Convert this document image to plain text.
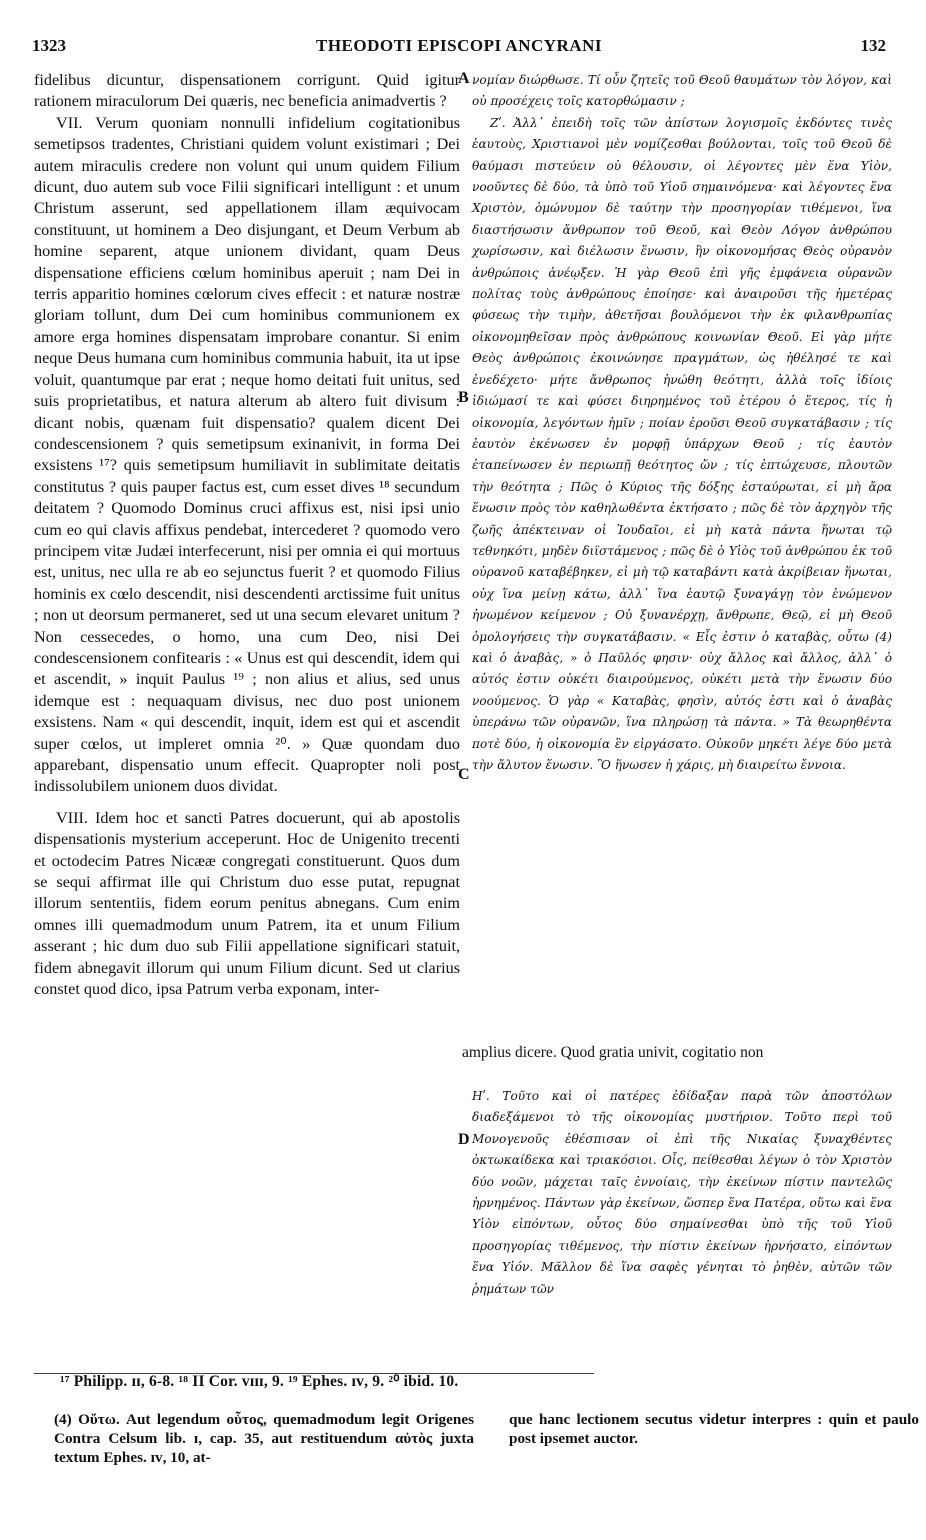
1323	THEODOTI EPISCOPI ANCYRANI	132

fidelibus dicuntur, dispensationem corrigunt. Quid igitur rationem miraculorum Dei quæris, nec beneficia animadvertis ?

VII. Verum quoniam nonnulli infidelium cogitationibus semetipsos tradentes, Christiani quidem volunt existimari ; Dei autem miraculis credere non volunt qui unum quidem Filium dicunt, duo autem sub voce Filii significari intelligunt : et unum Christum asserunt, sed appellationem illam æquivocam constituunt, ut hominem a Deo disjungant, et Deum Verbum ab homine separent, atque unionem dividant, quam Deus dispensatione efficiens cœlum hominibus aperuit ; nam Dei in terris apparitio homines cœlorum cives effecit : et naturæ nostræ gloriam tollunt, dum Dei cum hominibus communionem ex amore erga homines dispensatam improbare conantur. Si enim neque Deus humana cum hominibus communia habuit, ita ut ipse voluit, quantumque par erat ; neque homo deitati fuit unitus, sed suis proprietatibus, et natura alterum ab altero fuit divisum : dicant nobis, quænam fuit dispensatio? qualem dicent Dei condescensionem ? quis semetipsum exinanivit, in forma Dei exsistens ¹⁷? quis semetipsum humiliavit in sublimitate deitatis constitutus ? quis pauper factus est, cum esset dives ¹⁸ secundum deitatem ? Quomodo Dominus cruci affixus est, nisi ipsi unio cum eo qui clavis affixus pendebat, intercederet ? quomodo vero principem vitæ Judæi interfecerunt, nisi per omnia ei qui mortuus est, unitus, nec ulla re ab eo sejunctus fuerit ? et quomodo Filius hominis ex cœlo descendit, nisi descendenti arctissime fuit unitus ; non ut deorsum permaneret, sed ut una secum elevaret unitum ? Non cessecedes, o homo, una cum Deo, nisi Dei condescensionem confitearis : « Unus est qui descendit, idem qui et ascendit, » inquit Paulus ¹⁹ ; non alius et alius, sed unus idemque est : nequaquam divisus, nec duo post unionem exsistens. Nam « qui descendit, inquit, idem est qui et ascendit super cœlos, ut impleret omnia ²⁰. » Quæ quondam duo apparebant, dispensatio unum effecit. Quapropter noli post indissolubilem unionem duos dividat.

VIII. Idem hoc et sancti Patres docuerunt, qui ab apostolis dispensationis mysterium acceperunt. Hoc de Unigenito trecenti et octodecim Patres Nicææ congregati constituerunt. Quos dum se sequi affirmat ille qui Christum duo esse putat, repugnat illorum sententiis, fidem eorum penitus abnegans. Cum enim omnes illi quemadmodum unum Patrem, ita et unum Filium asserant ; hic dum duo sub Filii appellatione significari statuit, fidem abnegavit illorum qui unum Filium dicunt. Sed ut clarius constet quod dico, ipsa Patrum verba exponam, inter-

A
B
C
D

νομίαν διώρθωσε. Τί οὖν ζητεῖς τοῦ Θεοῦ θαυμάτων τὸν λόγον, καὶ οὐ προσέχεις τοῖς κατορθώμασιν ;

Ζʹ. Ἀλλ᾽ ἐπειδὴ τοῖς τῶν ἀπίστων λογισμοῖς ἐκδόντες τινὲς ἑαυτοὺς, Χριστιανοὶ μὲν νομίζεσθαι βούλονται, τοῖς τοῦ Θεοῦ δὲ θαύμασι πιστεύειν οὐ θέλουσιν, οἱ λέγοντες μὲν ἕνα Υἱὸν, νοοῦντες δὲ δύο, τὰ ὑπὸ τοῦ Υἱοῦ σημαινόμενα· καὶ λέγοντες ἕνα Χριστὸν, ὁμώνυμον δὲ ταύτην τὴν προσηγορίαν τιθέμενοι, ἵνα διαστήσωσιν ἄνθρωπον τοῦ Θεοῦ, καὶ Θεὸν Λόγον ἀνθρώπου χωρίσωσιν, καὶ διέλωσιν ἕνωσιν, ἣν οἰκονομήσας Θεὸς οὐρανὸν ἀνθρώποις ἀνέῳξεν. Ἡ γὰρ Θεοῦ ἐπὶ γῆς ἐμφάνεια οὐρανῶν πολίτας τοὺς ἀνθρώπους ἐποίησε· καὶ ἀναιροῦσι τῆς ἡμετέρας φύσεως τὴν τιμὴν, ἀθετῆσαι βουλόμενοι τὴν ἐκ φιλανθρωπίας οἰκονομηθεῖσαν πρὸς ἀνθρώπους κοινωνίαν Θεοῦ. Εἰ γὰρ μήτε Θεὸς ἀνθρώποις ἐκοινώνησε πραγμάτων, ὡς ἠθέλησέ τε καὶ ἐνεδέχετο· μήτε ἄνθρωπος ἡνώθη θεότητι, ἀλλὰ τοῖς ἰδίοις ἰδιώμασί τε καὶ φύσει διηρημένος τοῦ ἑτέρου ὁ ἕτερος, τίς ἡ οἰκονομία, λεγόντων ἡμῖν ; ποίαν ἐροῦσι Θεοῦ συγκατάβασιν ; τίς ἑαυτὸν ἐκένωσεν ἐν μορφῇ ὑπάρχων Θεοῦ ; τίς ἑαυτὸν ἐταπείνωσεν ἐν περιωπῇ θεότητος ὤν ; τίς ἐπτώχευσε, πλουτῶν τὴν θεότητα ; Πῶς ὁ Κύριος τῆς δόξης ἐσταύρωται, εἰ μὴ ἄρα ἕνωσιν πρὸς τὸν καθηλωθέντα ἐκτήσατο ; πῶς δὲ τὸν ἀρχηγὸν τῆς ζωῆς ἀπέκτειναν οἱ Ἰουδαῖοι, εἰ μὴ κατὰ πάντα ἥνωται τῷ τεθνηκότι, μηδὲν διϊστάμενος ; πῶς δὲ ὁ Υἱὸς τοῦ ἀνθρώπου ἐκ τοῦ οὐρανοῦ καταβέβηκεν, εἰ μὴ τῷ καταβάντι κατὰ ἀκρίβειαν ἥνωται, οὐχ ἵνα μείνῃ κάτω, ἀλλ᾽ ἵνα ἑαυτῷ ξυναγάγῃ τὸν ἑνώμενον ἠνωμένον κείμενον ; Οὐ ξυνανέρχῃ, ἄνθρωπε, Θεῷ, εἰ μὴ Θεοῦ ὁμολογήσεις τὴν συγκατάβασιν. « Εἷς ἐστιν ὁ καταβὰς, οὗτω (4) καὶ ὁ ἀναβὰς, » ὁ Παῦλός φησιν· οὐχ ἄλλος καὶ ἄλλος, ἀλλ᾽ ὁ αὐτός ἐστιν οὐκέτι διαιρούμενος, οὐκέτι μετὰ τὴν ἕνωσιν δύο νοούμενος. Ὁ γὰρ « Καταβὰς, φησὶν, αὐτός ἐστι καὶ ὁ ἀναβὰς ὑπεράνω τῶν οὐρανῶν, ἵνα πληρώσῃ τὰ πάντα. » Τὰ θεωρηθέντα ποτὲ δύο, ἡ οἰκονομία ἓν εἰργάσατο. Οὐκοῦν μηκέτι λέγε δύο μετὰ τὴν ἄλυτον ἕνωσιν. Ὃ ἥνωσεν ἡ χάρις, μὴ διαιρείτω ἔννοια.

amplius dicere. Quod gratia univit, cogitatio non
Ηʹ. Τοῦτο καὶ οἱ πατέρες ἐδίδαξαν παρὰ τῶν ἀποστόλων διαδεξάμενοι τὸ τῆς οἰκονομίας μυστήριον. Τοῦτο περὶ τοῦ Μονογενοῦς ἐθέσπισαν οἱ ἐπὶ τῆς Νικαίας ξυναχθέντες ὀκτωκαίδεκα καὶ τριακόσιοι. Οἷς, πείθεσθαι λέγων ὁ τὸν Χριστὸν δύο νοῶν, μάχεται ταῖς ἐννοίαις, τὴν ἐκείνων πίστιν παντελῶς ἠρνημένος. Πάντων γὰρ ἐκείνων, ὥσπερ ἕνα Πατέρα, οὕτω καὶ ἕνα Υἱὸν εἰπόντων, οὗτος δύο σημαίνεσθαι ὑπὸ τῆς τοῦ Υἱοῦ προσηγορίας τιθέμενος, τὴν πίστιν ἐκείνων ἠρνήσατο, εἰπόντων ἕνα Υἱόν. Μᾶλλον δὲ ἵνα σαφὲς γένηται τὸ ῥηθὲν, αὐτῶν τῶν ῥημάτων τῶν
¹⁷ Philipp. ɪɪ, 6-8. ¹⁸ II Cor. ᴠɪɪɪ, 9. ¹⁹ Ephes. ɪᴠ, 9. ²⁰ ibid. 10.
(4) Οὕτω. Aut legendum οὗτος, quemadmodum legit Origenes Contra Celsum lib. ɪ, cap. 35, aut restituendum αὐτὸς juxta textum Ephes. ɪᴠ, 10, at-
que hanc lectionem secutus videtur interpres : quin et paulo post ipsemet auctor.
